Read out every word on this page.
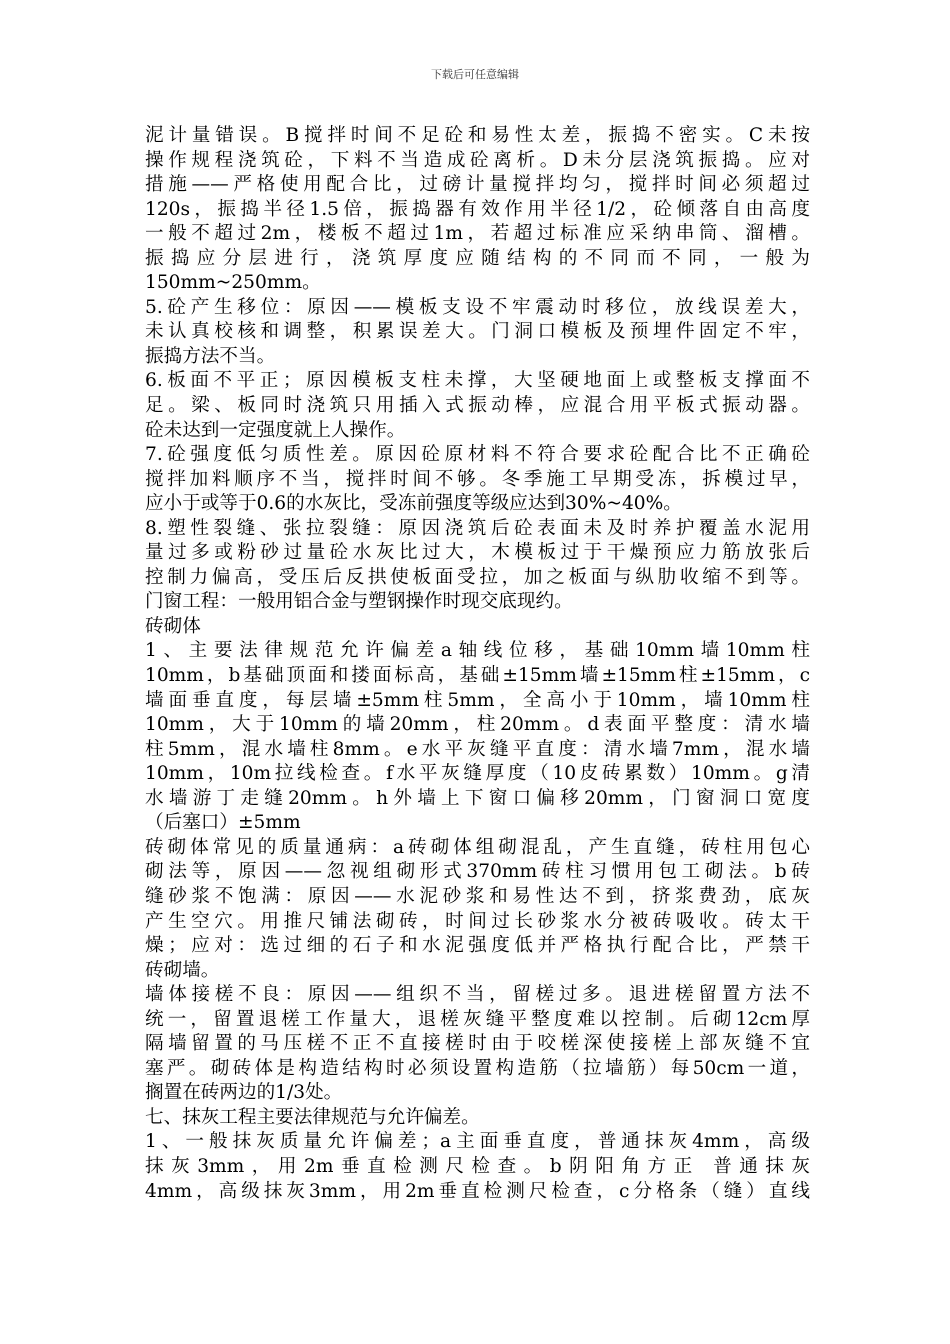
下载后可任意编辑
泥计量错误。B搅拌时间不足砼和易性太差，振捣不密实。C未按
操作规程浇筑砼，下料不当造成砼离析。D未分层浇筑振捣。应对
措施——严格使用配合比，过磅计量搅拌均匀，搅拌时间必须超过
120s，振捣半径1.5倍，振捣器有效作用半径1/2，砼倾落自由高度
一般不超过2m，楼板不超过1m，若超过标准应采纳串筒、溜槽。
振捣应分层进行，浇筑厚度应随结构的不同而不同，一般为
150mm~250mm。
5.砼产生移位：原因——模板支设不牢震动时移位，放线误差大，
未认真校核和调整，积累误差大。门洞口模板及预埋件固定不牢，
振捣方法不当。
6.板面不平正；原因模板支柱未撑，大坚硬地面上或整板支撑面不
足。梁、板同时浇筑只用插入式振动棒，应混合用平板式振动器。
砼未达到一定强度就上人操作。
7.砼强度低匀质性差。原因砼原材料不符合要求砼配合比不正确砼
搅拌加料顺序不当，搅拌时间不够。冬季施工早期受冻，拆模过早，
应小于或等于0.6的水灰比，受冻前强度等级应达到30%~40%。
8.塑性裂缝、张拉裂缝：原因浇筑后砼表面未及时养护覆盖水泥用
量过多或粉砂过量砼水灰比过大，木模板过于干燥预应力筋放张后
控制力偏高，受压后反拱使板面受拉，加之板面与纵肋收缩不到等。
门窗工程：一般用铝合金与塑钢操作时现交底现约。
砖砌体
1、主要法律规范允许偏差a轴线位移，基础10mm墙10mm柱
10mm，b基础顶面和搂面标高，基础±15mm墙±15mm柱±15mm，c
墙面垂直度，每层墙±5mm柱5mm，全高小于10mm，墙10mm柱
10mm，大于10mm的墙20mm，柱20mm。d表面平整度：清水墙
柱5mm，混水墙柱8mm。e水平灰缝平直度：清水墙7mm，混水墙
10mm，10m拉线检查。f水平灰缝厚度（10皮砖累数）10mm。g清
水墙游丁走缝20mm。h外墙上下窗口偏移20mm，门窗洞口宽度
（后塞口）±5mm
砖砌体常见的质量通病：a砖砌体组砌混乱，产生直缝，砖柱用包心
砌法等，原因——忽视组砌形式370mm砖柱习惯用包工砌法。b砖
缝砂浆不饱满：原因——水泥砂浆和易性达不到，挤浆费劲，底灰
产生空穴。用推尺铺法砌砖，时间过长砂浆水分被砖吸收。砖太干
燥；应对：选过细的石子和水泥强度低并严格执行配合比，严禁干
砖砌墙。
墙体接槎不良：原因——组织不当，留槎过多。退进槎留置方法不
统一，留置退槎工作量大，退槎灰缝平整度难以控制。后砌12cm厚
隔墙留置的马压槎不正不直接槎时由于咬槎深使接槎上部灰缝不宜
塞严。砌砖体是构造结构时必须设置构造筋（拉墙筋）每50cm一道，
搁置在砖两边的1/3处。
七、抹灰工程主要法律规范与允许偏差。
1、一般抹灰质量允许偏差；a主面垂直度，普通抹灰4mm，高级
抹灰3mm，用2m垂直检测尺检查。b阴阳角方正 普通抹灰
4mm，高级抹灰3mm，用2m垂直检测尺检查，c分格条（缝）直线
